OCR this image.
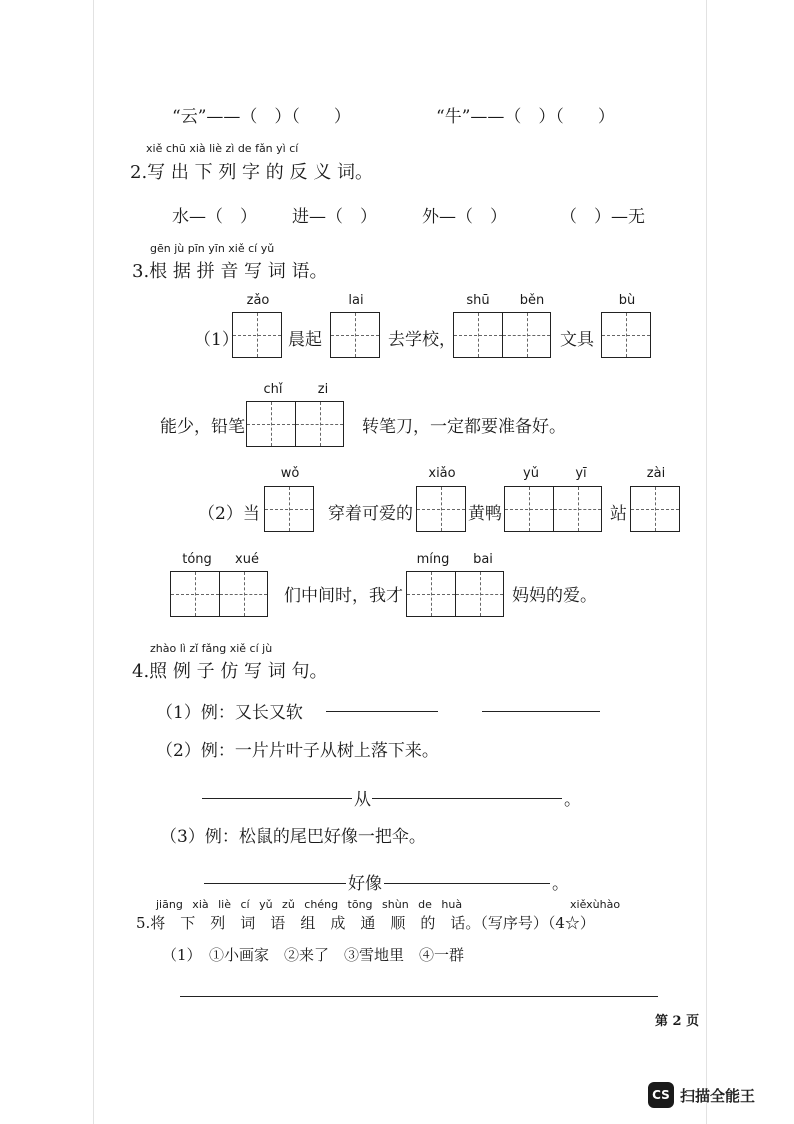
“云”——（　）（　　）	“牛”——（　）（　　）
xiě chū xià liè zì de fǎn yì cí
2.写 出 下 列 字 的 反 义 词。
水—（　） 进—（　）	外—（　）	（　）—无
gēn jù pīn yīn xiě cí yǔ
3.根 据 拼 音 写 词 语。
（1）
zǎo
晨起
lai
去学校，
shū	běn
文具
bù
能少，铅笔
chǐ	zi
转笔刀，一定都要准备好。
（2）当
wǒ
穿着可爱的
xiǎo
黄鸭
yǔ	yī
站
zài
tóng	xué
们中间时，我才
míng	bai
妈妈的爱。
zhào lì zǐ fǎng xiě cí jù
4.照 例 子 仿 写 词 句。
（1）例：又长又软
（2）例：一片片叶子从树上落下来。
从	。
（3）例：松鼠的尾巴好像一把伞。
好像	。
jiāng xià liè cí yǔ zǔ chéng tōng shùn de huà	xiěxùhào
5.将　下　列　词　语　组　成　通　顺　的　话。（写序号）（4☆）
（1）　①小画家　②来了　③雪地里　④一群
第 2 页
CS 扫描全能王
